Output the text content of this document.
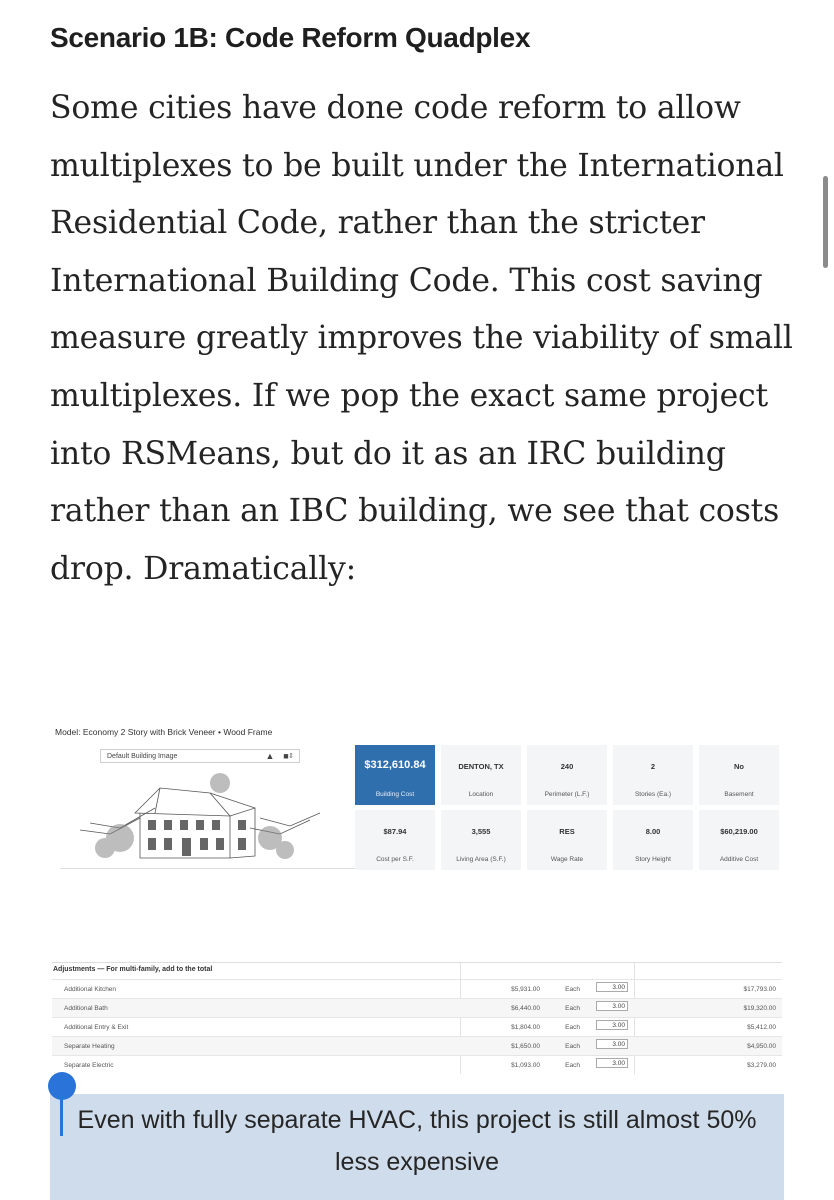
Scenario 1B: Code Reform Quadplex

Some cities have done code reform to allow multiplexes to be built under the International Residential Code, rather than the stricter International Building Code. This cost saving measure greatly improves the viability of small multiplexes. If we pop the exact same project into RSMeans, but do it as an IRC building rather than an IBC building, we see that costs drop. Dramatically:

Model: Economy 2 Story with Brick Veneer • Wood Frame
Default Building Image	⇕
▲ ■
$312,610.84
Building Cost
DENTON, TX
Location
240
Perimeter (L.F.)
2
Stories (Ea.)
No
Basement
$87.94
Cost per S.F.
3,555
Living Area (S.F.)
RES
Wage Rate
8.00
Story Height
$60,219.00
Additive Cost
Adjustments — For multi-family, add to the total
Additional Kitchen	$5,931.00	Each	3.00	$17,793.00
Additional Bath	$6,440.00	Each	3.00	$19,320.00
Additional Entry & Exit	$1,804.00	Each	3.00	$5,412.00
Separate Heating	$1,650.00	Each	3.00	$4,950.00
Separate Electric	$1,093.00	Each	3.00	$3,279.00
Even with fully separate HVAC, this project is still almost 50% less expensive
